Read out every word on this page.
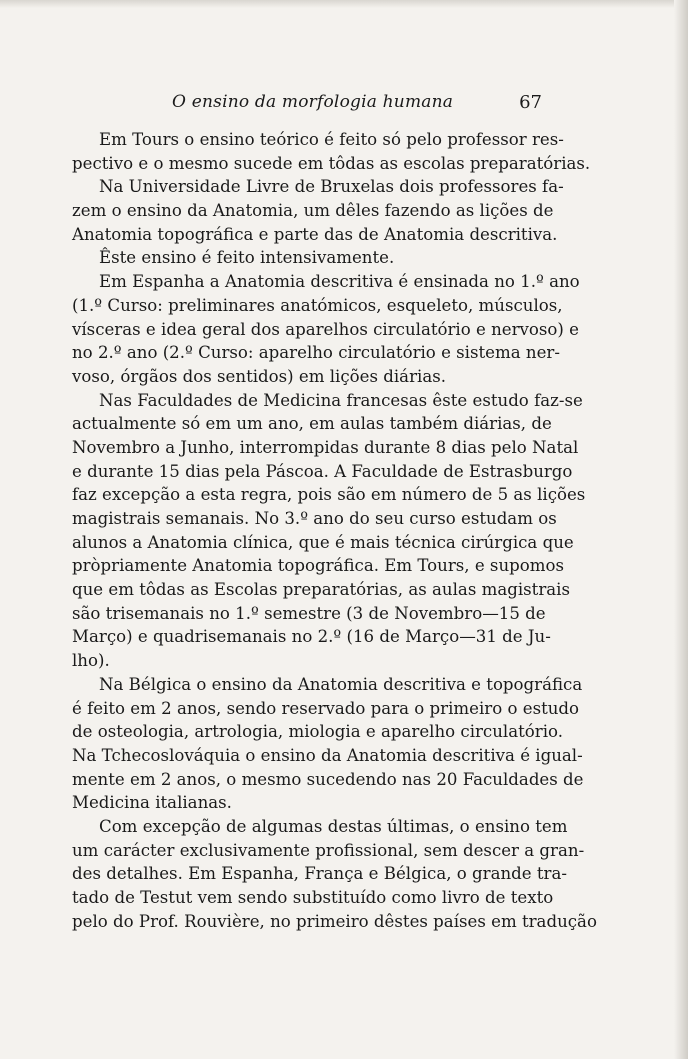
O ensino da morfologia humana	67
Em Tours o ensino teórico é feito só pelo professor res-
pectivo e o mesmo sucede em tôdas as escolas preparatórias.
Na Universidade Livre de Bruxelas dois professores fa-
zem o ensino da Anatomia, um dêles fazendo as lições de
Anatomia topográfica e parte das de Anatomia descritiva.
Êste ensino é feito intensivamente.
Em Espanha a Anatomia descritiva é ensinada no 1.º ano
(1.º Curso: preliminares anatómicos, esqueleto, músculos,
vísceras e idea geral dos aparelhos circulatório e nervoso) e
no 2.º ano (2.º Curso: aparelho circulatório e sistema ner-
voso, órgãos dos sentidos) em lições diárias.
Nas Faculdades de Medicina francesas êste estudo faz-se
actualmente só em um ano, em aulas também diárias, de
Novembro a Junho, interrompidas durante 8 dias pelo Natal
e durante 15 dias pela Páscoa. A Faculdade de Estrasburgo
faz excepção a esta regra, pois são em número de 5 as lições
magistrais semanais. No 3.º ano do seu curso estudam os
alunos a Anatomia clínica, que é mais técnica cirúrgica que
pròpriamente Anatomia topográfica. Em Tours, e supomos
que em tôdas as Escolas preparatórias, as aulas magistrais
são trisemanais no 1.º semestre (3 de Novembro—15 de
Março) e quadrisemanais no 2.º (16 de Março—31 de Ju-
lho).
Na Bélgica o ensino da Anatomia descritiva e topográfica
é feito em 2 anos, sendo reservado para o primeiro o estudo
de osteologia, artrologia, miologia e aparelho circulatório.
Na Tchecoslováquia o ensino da Anatomia descritiva é igual-
mente em 2 anos, o mesmo sucedendo nas 20 Faculdades de
Medicina italianas.
Com excepção de algumas destas últimas, o ensino tem
um carácter exclusivamente profissional, sem descer a gran-
des detalhes. Em Espanha, França e Bélgica, o grande tra-
tado de Testut vem sendo substituído como livro de texto
pelo do Prof. Rouvière, no primeiro dêstes países em tradução
